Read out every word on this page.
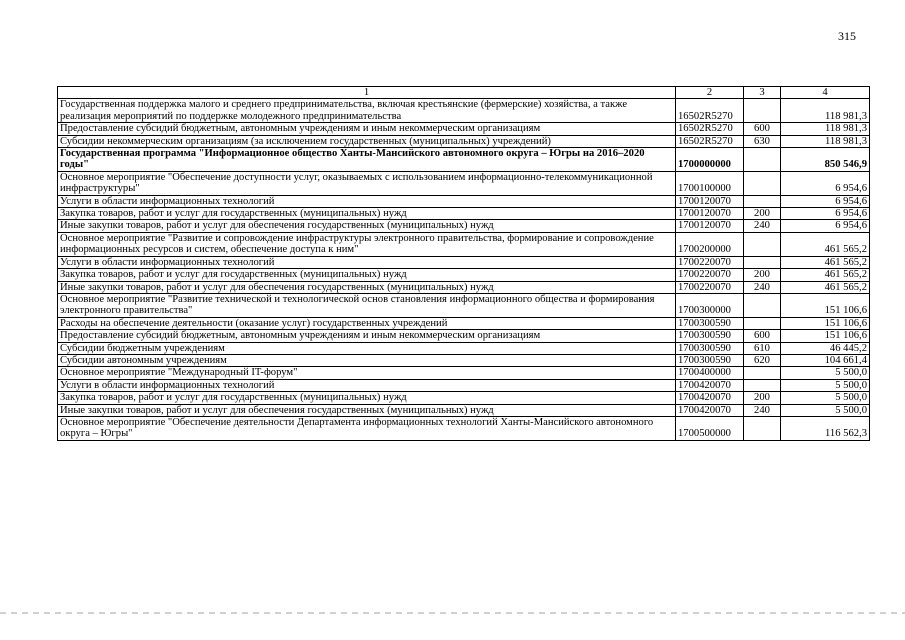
315
1	2	3	4
Государственная поддержка малого и среднего предпринимательства, включая крестьянские (фермерские) хозяйства, а также реализация мероприятий по поддержке молодежного предпринимательства	16502R5270		118 981,3
Предоставление субсидий бюджетным, автономным учреждениям и иным некоммерческим организациям	16502R5270	600	118 981,3
Субсидии некоммерческим организациям (за исключением государственных (муниципальных) учреждений)	16502R5270	630	118 981,3
Государственная программа "Информационное общество Ханты-Мансийского автономного округа – Югры на 2016–2020 годы"	1700000000		850 546,9
Основное мероприятие "Обеспечение доступности услуг, оказываемых с использованием информационно-телекоммуникационной инфраструктуры"	1700100000		6 954,6
Услуги в области информационных технологий	1700120070		6 954,6
Закупка товаров, работ и услуг для государственных (муниципальных) нужд	1700120070	200	6 954,6
Иные закупки товаров, работ и услуг для обеспечения государственных (муниципальных) нужд	1700120070	240	6 954,6
Основное мероприятие "Развитие и сопровождение инфраструктуры электронного правительства, формирование и сопровождение информационных ресурсов и систем, обеспечение доступа к ним"	1700200000		461 565,2
Услуги в области информационных технологий	1700220070		461 565,2
Закупка товаров, работ и услуг для государственных (муниципальных) нужд	1700220070	200	461 565,2
Иные закупки товаров, работ и услуг для обеспечения государственных (муниципальных) нужд	1700220070	240	461 565,2
Основное мероприятие "Развитие технической и технологической основ становления информационного общества и формирования электронного правительства"	1700300000		151 106,6
Расходы на обеспечение деятельности (оказание услуг) государственных учреждений	1700300590		151 106,6
Предоставление субсидий бюджетным, автономным учреждениям и иным некоммерческим организациям	1700300590	600	151 106,6
Субсидии бюджетным учреждениям	1700300590	610	46 445,2
Субсидии автономным учреждениям	1700300590	620	104 661,4
Основное мероприятие "Международный IT-форум"	1700400000		5 500,0
Услуги в области информационных технологий	1700420070		5 500,0
Закупка товаров, работ и услуг для государственных (муниципальных) нужд	1700420070	200	5 500,0
Иные закупки товаров, работ и услуг для обеспечения государственных (муниципальных) нужд	1700420070	240	5 500,0
Основное мероприятие "Обеспечение деятельности Департамента информационных технологий Ханты-Мансийского автономного округа – Югры"	1700500000		116 562,3
